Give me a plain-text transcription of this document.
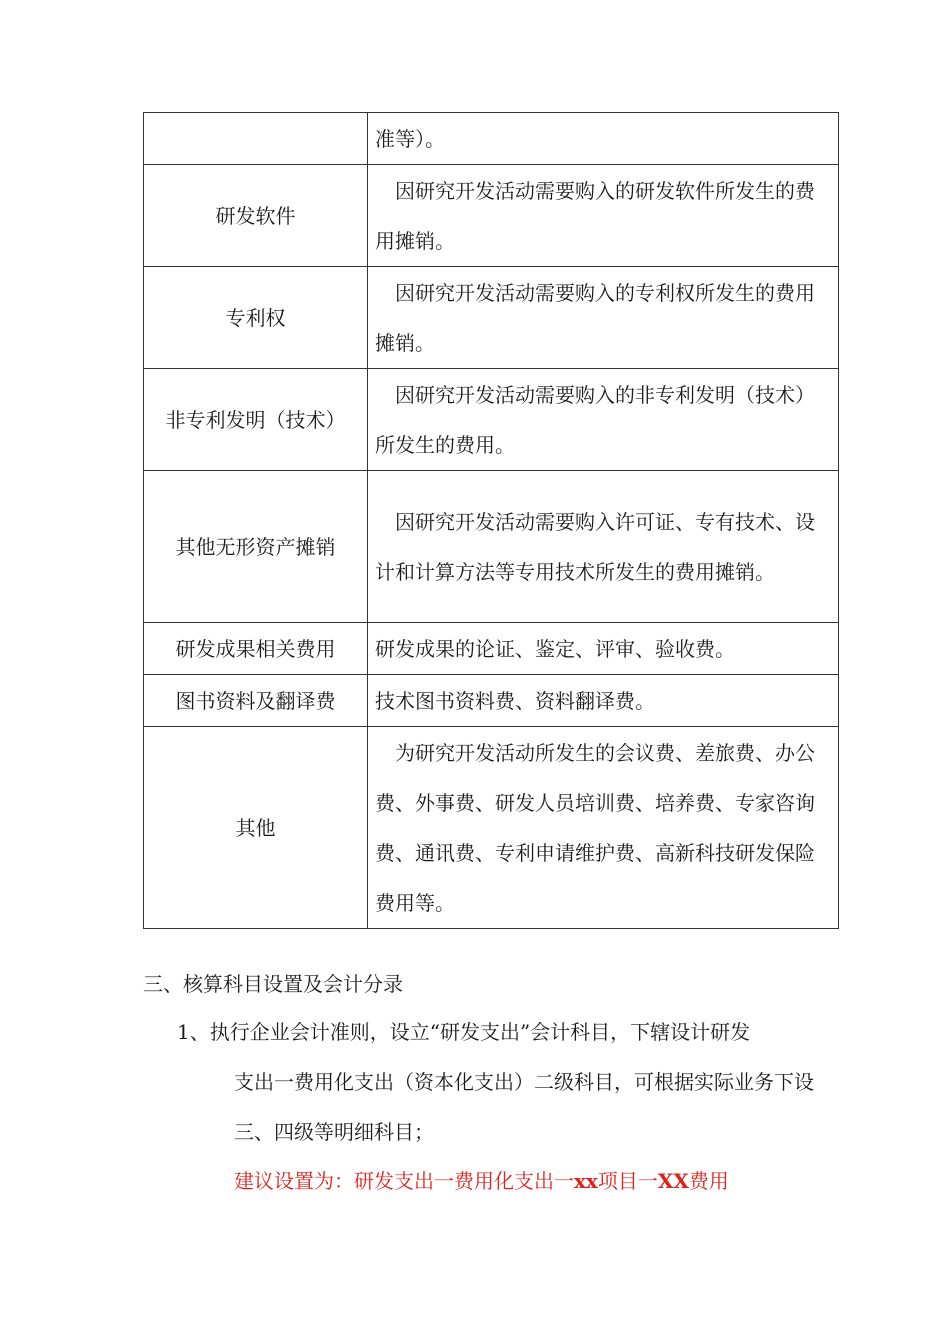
	准等）。
研发软件	　因研究开发活动需要购入的研发软件所发生的费用摊销。
专利权	　因研究开发活动需要购入的专利权所发生的费用摊销。
非专利发明（技术）	　因研究开发活动需要购入的非专利发明（技术）所发生的费用。
其他无形资产摊销	　因研究开发活动需要购入许可证、专有技术、设计和计算方法等专用技术所发生的费用摊销。
研发成果相关费用	研发成果的论证、鉴定、评审、验收费。
图书资料及翻译费	技术图书资料费、资料翻译费。
其他	　为研究开发活动所发生的会议费、差旅费、办公费、外事费、研发人员培训费、培养费、专家咨询费、通讯费、专利申请维护费、高新科技研发保险费用等。
三、核算科目设置及会计分录

1、执行企业会计准则，设立“研发支出”会计科目，下辖设计研发
支出一费用化支出（资本化支出）二级科目，可根据实际业务下设三、四级等明细科目；

建议设置为：研发支出一费用化支出一xx项目一XX费用
